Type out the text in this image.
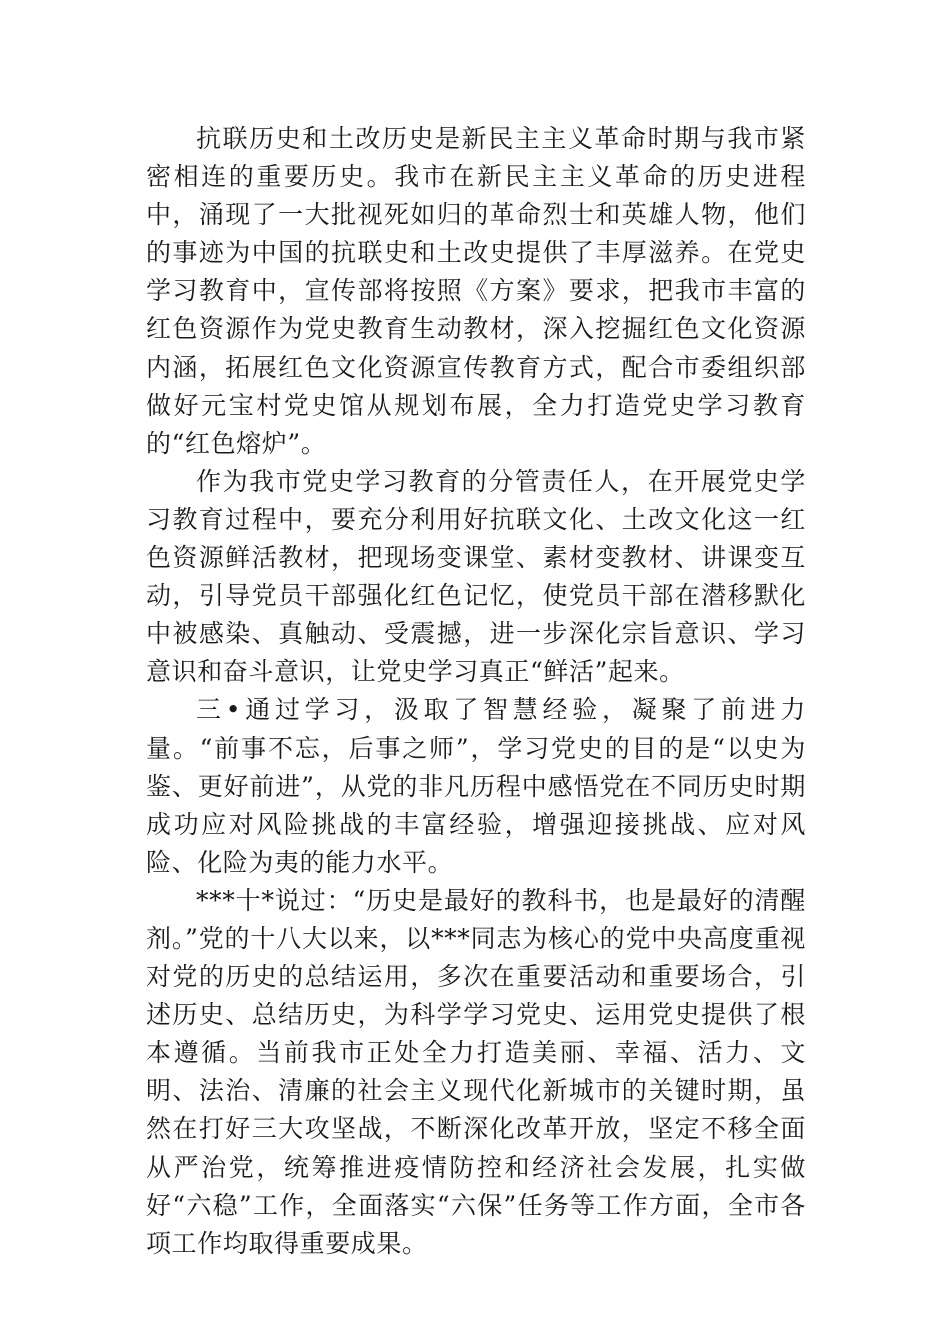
抗联历史和土改历史是新民主主义革命时期与我市紧密相连的重要历史。我市在新民主主义革命的历史进程中，涌现了一大批视死如归的革命烈士和英雄人物，他们的事迹为中国的抗联史和土改史提供了丰厚滋养。在党史学习教育中，宣传部将按照《方案》要求，把我市丰富的红色资源作为党史教育生动教材，深入挖掘红色文化资源内涵，拓展红色文化资源宣传教育方式，配合市委组织部做好元宝村党史馆从规划布展，全力打造党史学习教育的“红色熔炉”。

作为我市党史学习教育的分管责任人，在开展党史学习教育过程中，要充分利用好抗联文化、土改文化这一红色资源鲜活教材，把现场变课堂、素材变教材、讲课变互动，引导党员干部强化红色记忆，使党员干部在潜移默化中被感染、真触动、受震撼，进一步深化宗旨意识、学习意识和奋斗意识，让党史学习真正“鲜活”起来。

三•通过学习，汲取了智慧经验，凝聚了前进力量。“前事不忘，后事之师”，学习党史的目的是“以史为鉴、更好前进”，从党的非凡历程中感悟党在不同历史时期成功应对风险挑战的丰富经验，增强迎接挑战、应对风险、化险为夷的能力水平。

***十*说过：“历史是最好的教科书，也是最好的清醒剂。”党的十八大以来，以***同志为核心的党中央高度重视对党的历史的总结运用，多次在重要活动和重要场合，引述历史、总结历史，为科学学习党史、运用党史提供了根本遵循。当前我市正处全力打造美丽、幸福、活力、文明、法治、清廉的社会主义现代化新城市的关键时期，虽然在打好三大攻坚战，不断深化改革开放，坚定不移全面从严治党，统筹推进疫情防控和经济社会发展，扎实做好“六稳”工作，全面落实“六保”任务等工作方面，全市各项工作均取得重要成果。
